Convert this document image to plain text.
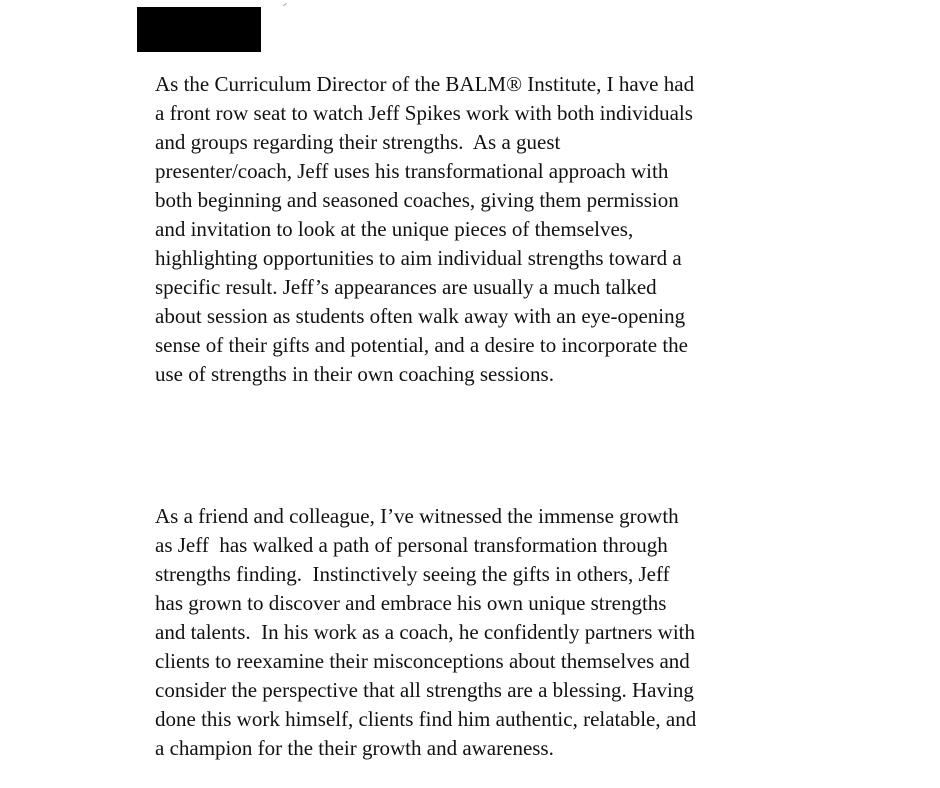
As the Curriculum Director of the BALM® Institute, I have had
a front row seat to watch Jeff Spikes work with both individuals
and groups regarding their strengths.  As a guest
presenter/coach, Jeff uses his transformational approach with
both beginning and seasoned coaches, giving them permission
and invitation to look at the unique pieces of themselves,
highlighting opportunities to aim individual strengths toward a
specific result. Jeff’s appearances are usually a much talked
about session as students often walk away with an eye-opening
sense of their gifts and potential, and a desire to incorporate the
use of strengths in their own coaching sessions.
As a friend and colleague, I’ve witnessed the immense growth
as Jeff  has walked a path of personal transformation through
strengths finding.  Instinctively seeing the gifts in others, Jeff
has grown to discover and embrace his own unique strengths
and talents.  In his work as a coach, he confidently partners with
clients to reexamine their misconceptions about themselves and
consider the perspective that all strengths are a blessing. Having
done this work himself, clients find him authentic, relatable, and
a champion for the their growth and awareness.
